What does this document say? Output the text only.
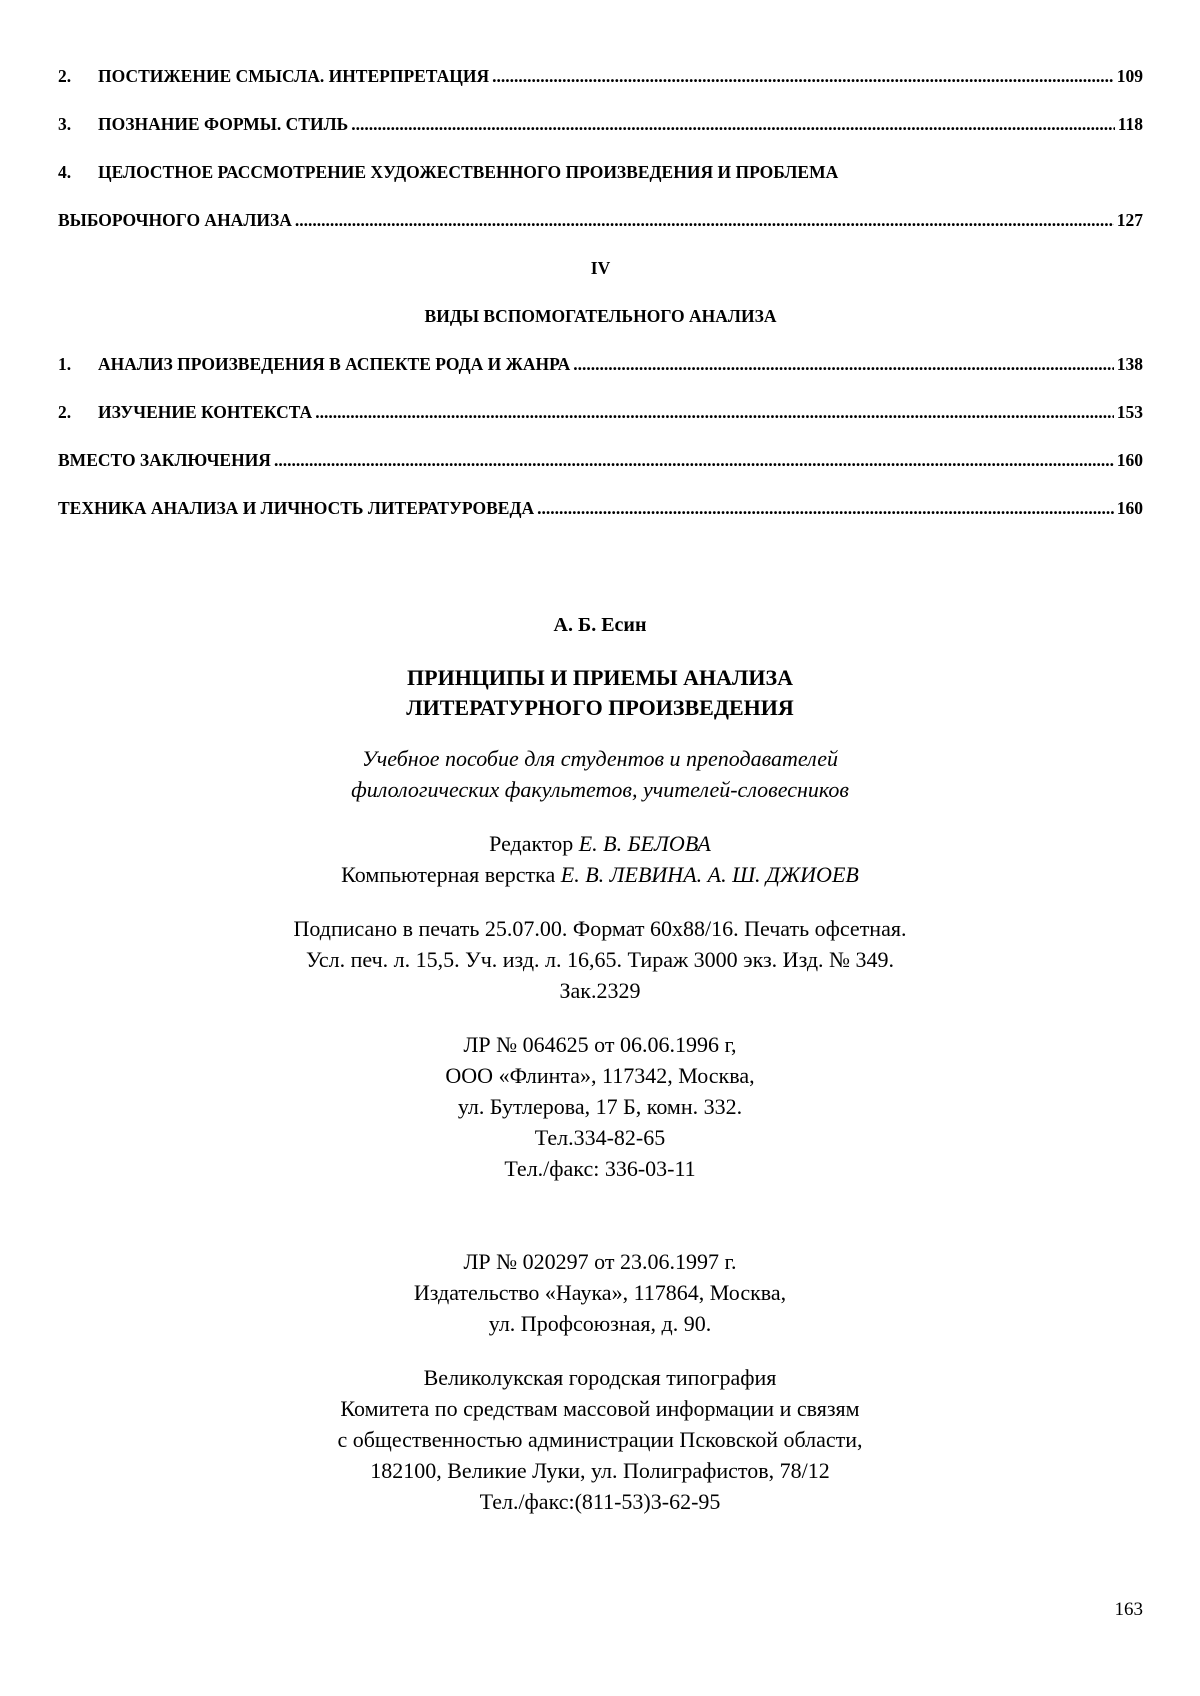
2.	ПОСТИЖЕНИЕ СМЫСЛА. ИНТЕРПРЕТАЦИЯ .....	109
3.	ПОЗНАНИЕ ФОРМЫ. СТИЛЬ .....	118
4.	ЦЕЛОСТНОЕ РАССМОТРЕНИЕ ХУДОЖЕСТВЕННОГО ПРОИЗВЕДЕНИЯ И ПРОБЛЕМА
ВЫБОРОЧНОГО АНАЛИЗА .....	127
IV
ВИДЫ ВСПОМОГАТЕЛЬНОГО АНАЛИЗА
1.	АНАЛИЗ ПРОИЗВЕДЕНИЯ В АСПЕКТЕ РОДА И ЖАНРА .....	138
2.	ИЗУЧЕНИЕ КОНТЕКСТА .....	153
ВМЕСТО ЗАКЛЮЧЕНИЯ .....	160
ТЕХНИКА АНАЛИЗА И ЛИЧНОСТЬ ЛИТЕРАТУРОВЕДА .....	160
А. Б. Есин
ПРИНЦИПЫ И ПРИЕМЫ АНАЛИЗА
ЛИТЕРАТУРНОГО ПРОИЗВЕДЕНИЯ
Учебное пособие для студентов и преподавателей
филологических факультетов, учителей-словесников
Редактор Е. В. БЕЛОВА
Компьютерная верстка Е. В. ЛЕВИНА. А. Ш. ДЖИОЕВ
Подписано в печать 25.07.00. Формат 60х88/16. Печать офсетная.
Усл. печ. л. 15,5. Уч. изд. л. 16,65. Тираж 3000 экз. Изд. № 349.
Зак.2329
ЛР № 064625 от 06.06.1996 г,
ООО «Флинта», 117342, Москва,
ул. Бутлерова, 17 Б, комн. 332.
Тел.334-82-65
Тел./факс: 336-03-11
ЛР № 020297 от 23.06.1997 г.
Издательство «Наука», 117864, Москва,
ул. Профсоюзная, д. 90.
Великолукская городская типография
Комитета по средствам массовой информации и связям
с общественностью администрации Псковской области,
182100, Великие Луки, ул. Полиграфистов, 78/12
Тел./факс:(811-53)3-62-95
163
